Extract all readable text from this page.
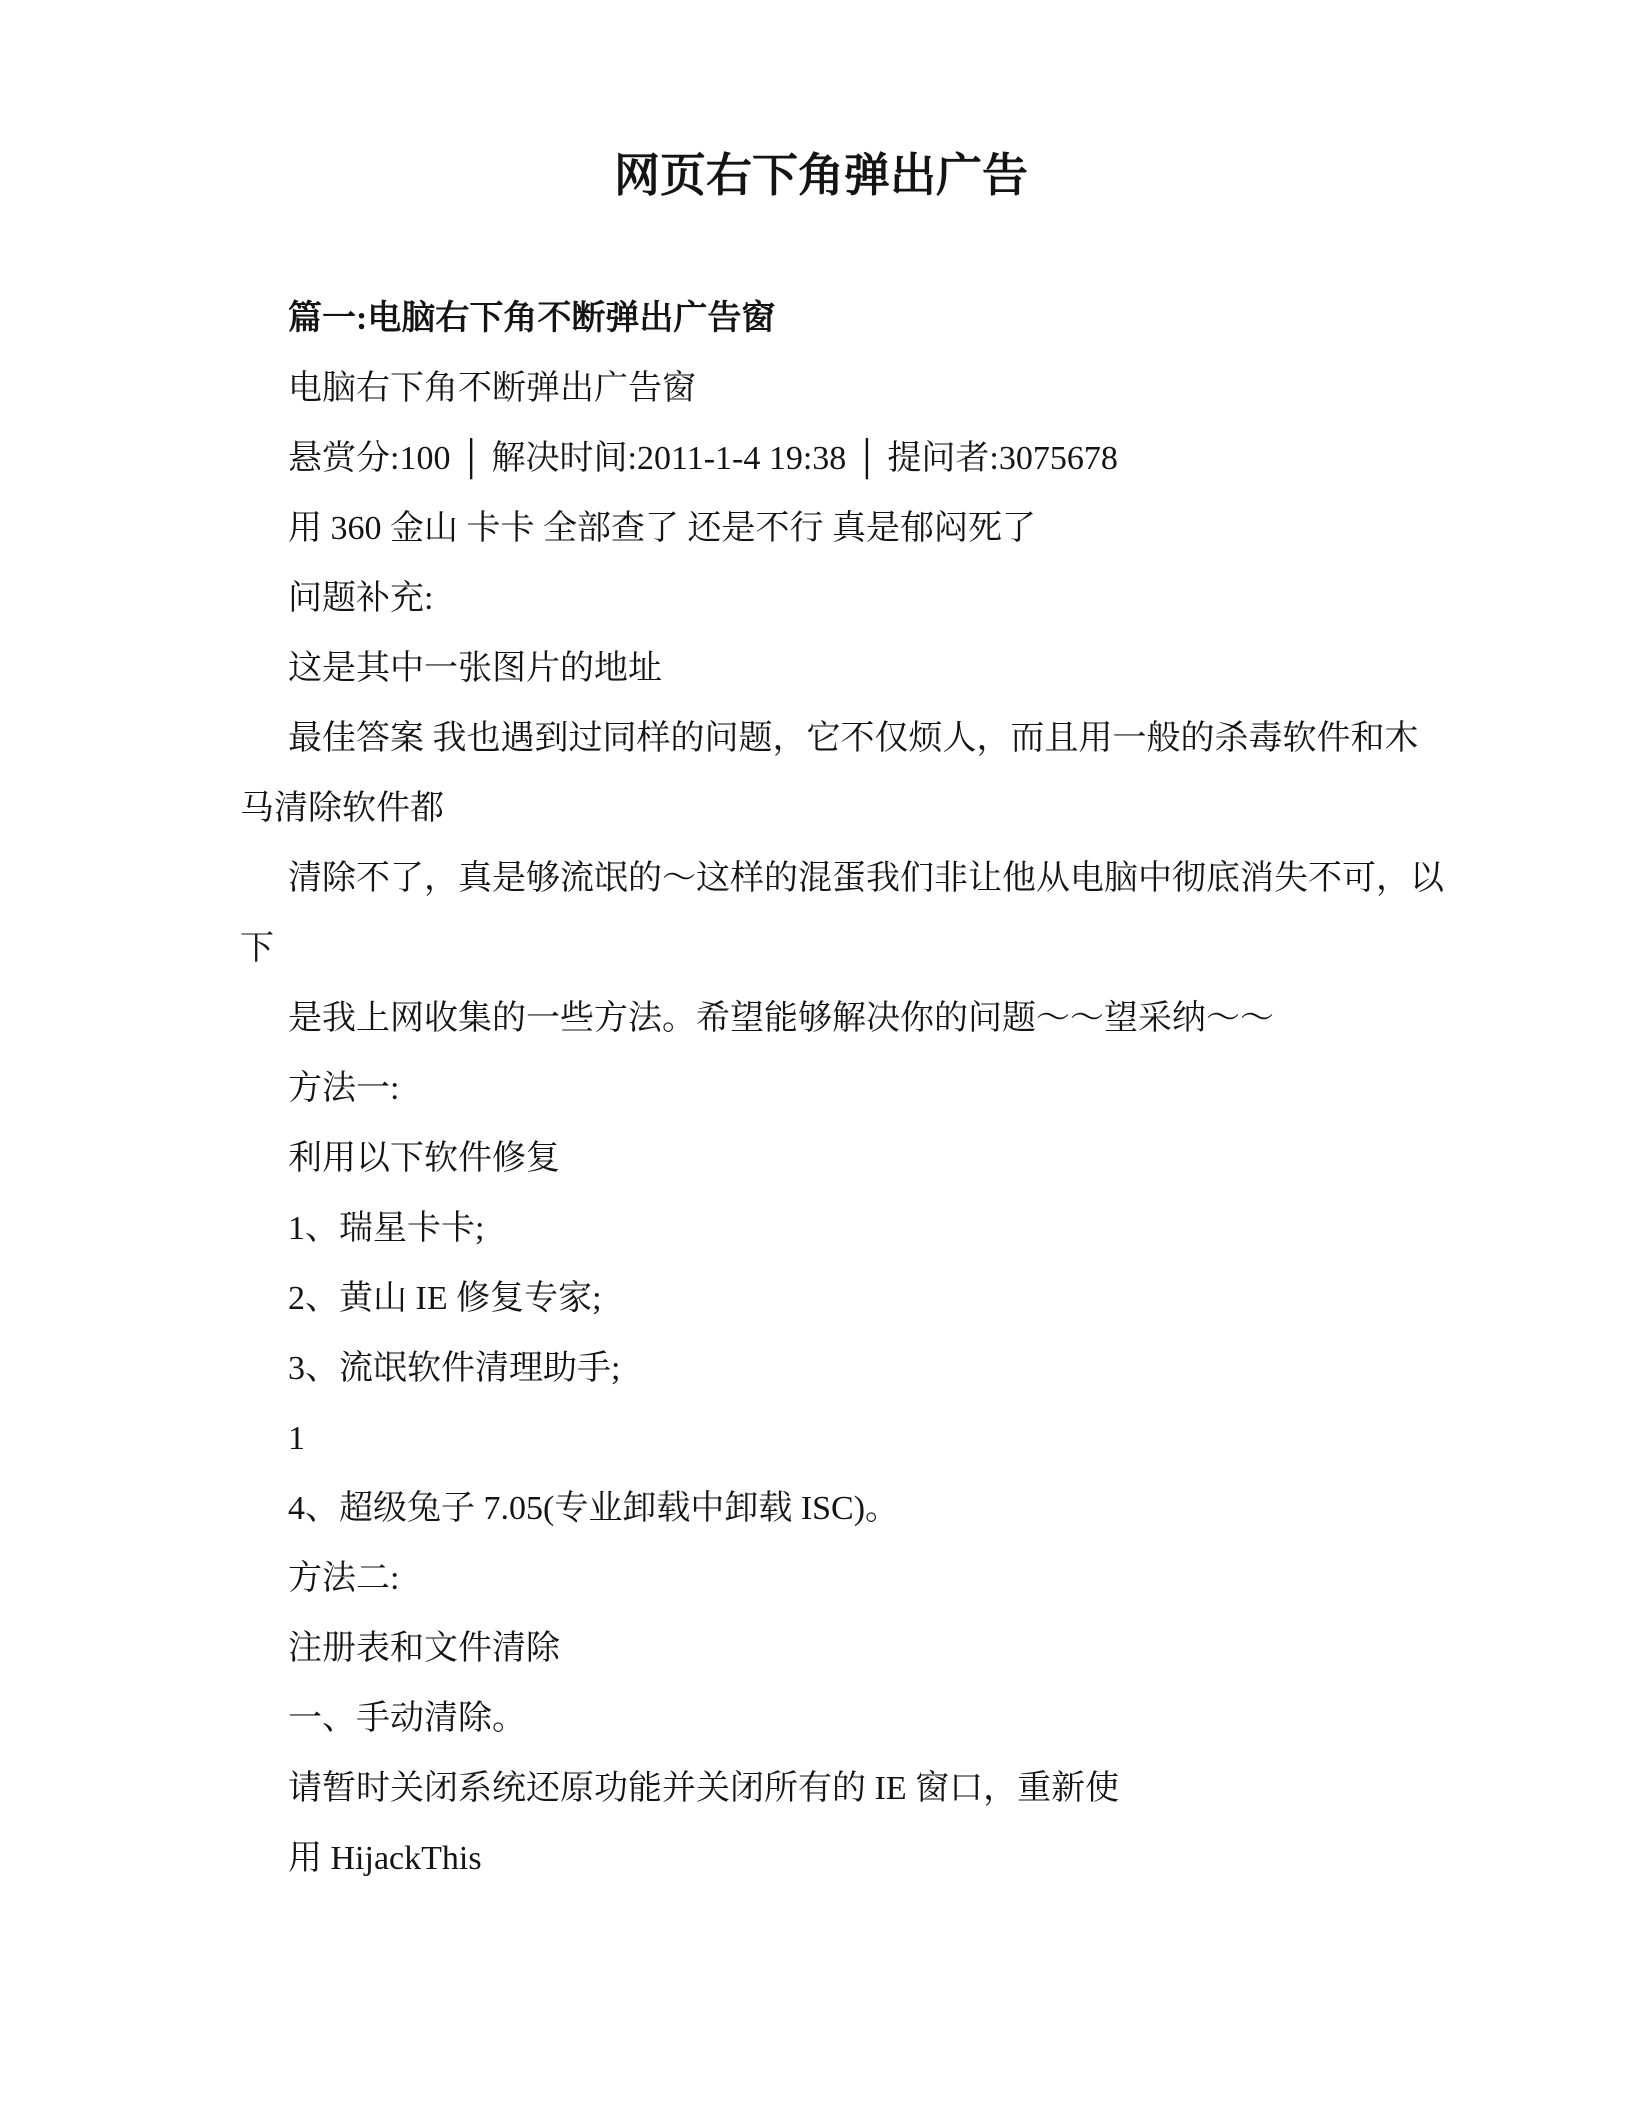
网页右下角弹出广告
篇一:电脑右下角不断弹出广告窗
电脑右下角不断弹出广告窗
悬赏分:100 │ 解决时间:2011-1-4 19:38 │ 提问者:3075678
用 360 金山 卡卡 全部查了 还是不行 真是郁闷死了
问题补充:
这是其中一张图片的地址
最佳答案 我也遇到过同样的问题，它不仅烦人，而且用一般的杀毒软件和木
马清除软件都
清除不了，真是够流氓的～这样的混蛋我们非让他从电脑中彻底消失不可，以
下
是我上网收集的一些方法。希望能够解决你的问题～～望采纳～～
方法一:
利用以下软件修复
1、瑞星卡卡;
2、黄山 IE 修复专家;
3、流氓软件清理助手;
1
4、超级兔子 7.05(专业卸载中卸载 ISC)。
方法二:
注册表和文件清除
一、手动清除。
请暂时关闭系统还原功能并关闭所有的 IE 窗口，重新使
用 HijackThis
